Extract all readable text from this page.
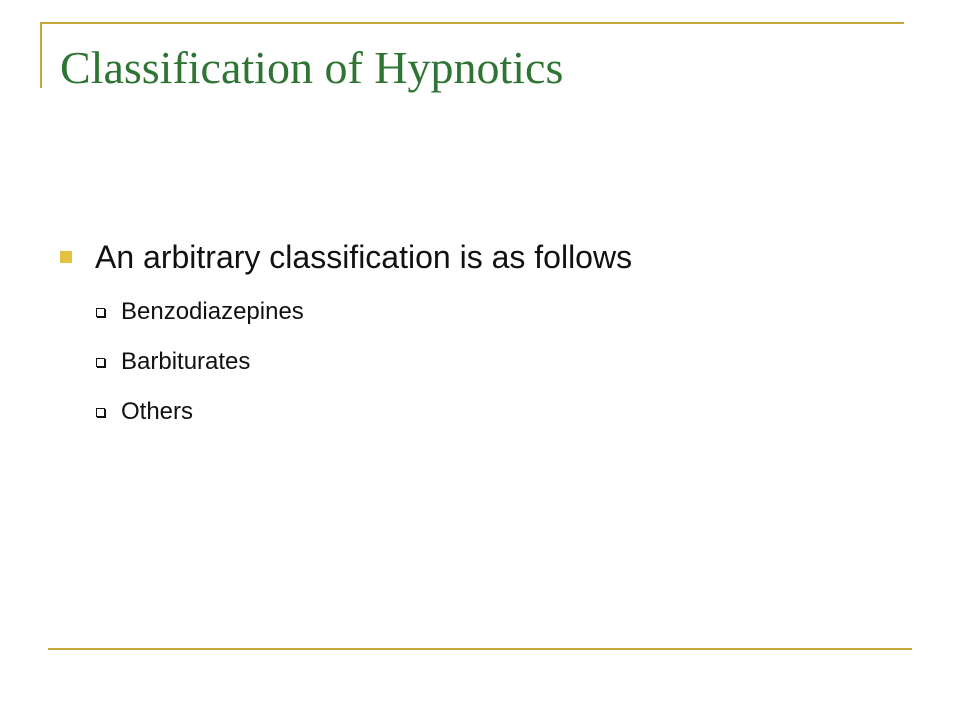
Classification of Hypnotics
An arbitrary classification is as follows
Benzodiazepines
Barbiturates
Others
